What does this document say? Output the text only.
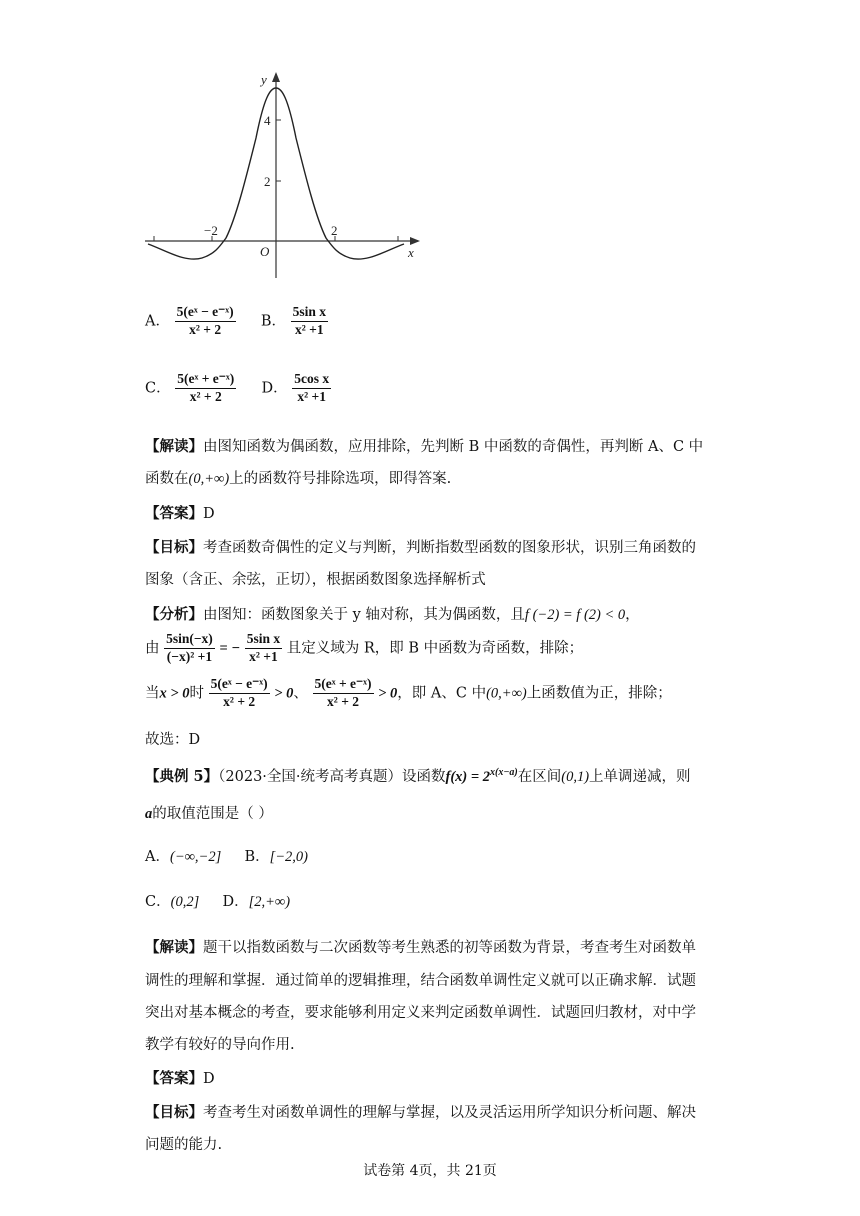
y
x
O
4
2
−2	2
A． $\frac{\text{5(eˣ − e⁻ˣ)}}{\text{x² + 2}}$ B． $\frac{\text{5sin x}}{\text{x² +1}}$
C． $\frac{\text{5(eˣ + e⁻ˣ)}}{\text{x² + 2}}$ D． $\frac{\text{5cos x}}{\text{x² +1}}$
【解读】由图知函数为偶函数，应用排除，先判断 B 中函数的奇偶性，再判断 A、C 中
函数在(0,+∞)上的函数符号排除选项，即得答案.
【答案】D
【目标】考查函数奇偶性的定义与判断，判断指数型函数的图象形状，识别三角函数的
图象（含正、余弦，正切），根据函数图象选择解析式
【分析】由图知：函数图象关于 y 轴对称，其为偶函数，且f (−2) = f (2) < 0，
由 $\frac{5\sin(-x)}{\text{(−x)² +1}}$ = − $\frac{\text{5sin x}}{\text{x² +1}}$ 且定义域为 R，即 B 中函数为奇函数，排除；
当x > 0时 $\frac{\text{5(eˣ − e⁻ˣ)}}{\text{x² + 2}} > 0$、 $\frac{\text{5(eˣ + e⁻ˣ)}}{\text{x² + 2}} > 0$，即 A、C 中(0,+∞)上函数值为正，排除；
故选：D
【典例 5】（2023·全国·统考高考真题）设函数$f(x) = 2^{x(x-a)}$在区间(0,1)上单调递减，则
a的取值范围是（ ）
A．(−∞,−2] B．[−2,0)
C．(0,2] D．[2,+∞)
【解读】题干以指数函数与二次函数等考生熟悉的初等函数为背景，考查考生对函数单
调性的理解和掌握．通过简单的逻辑推理，结合函数单调性定义就可以正确求解．试题
突出对基本概念的考查，要求能够利用定义来判定函数单调性．试题回归教材，对中学
教学有较好的导向作用.
【答案】D
【目标】考查考生对函数单调性的理解与掌握，以及灵活运用所学知识分析问题、解决
问题的能力.
试卷第 4页，共 21页
